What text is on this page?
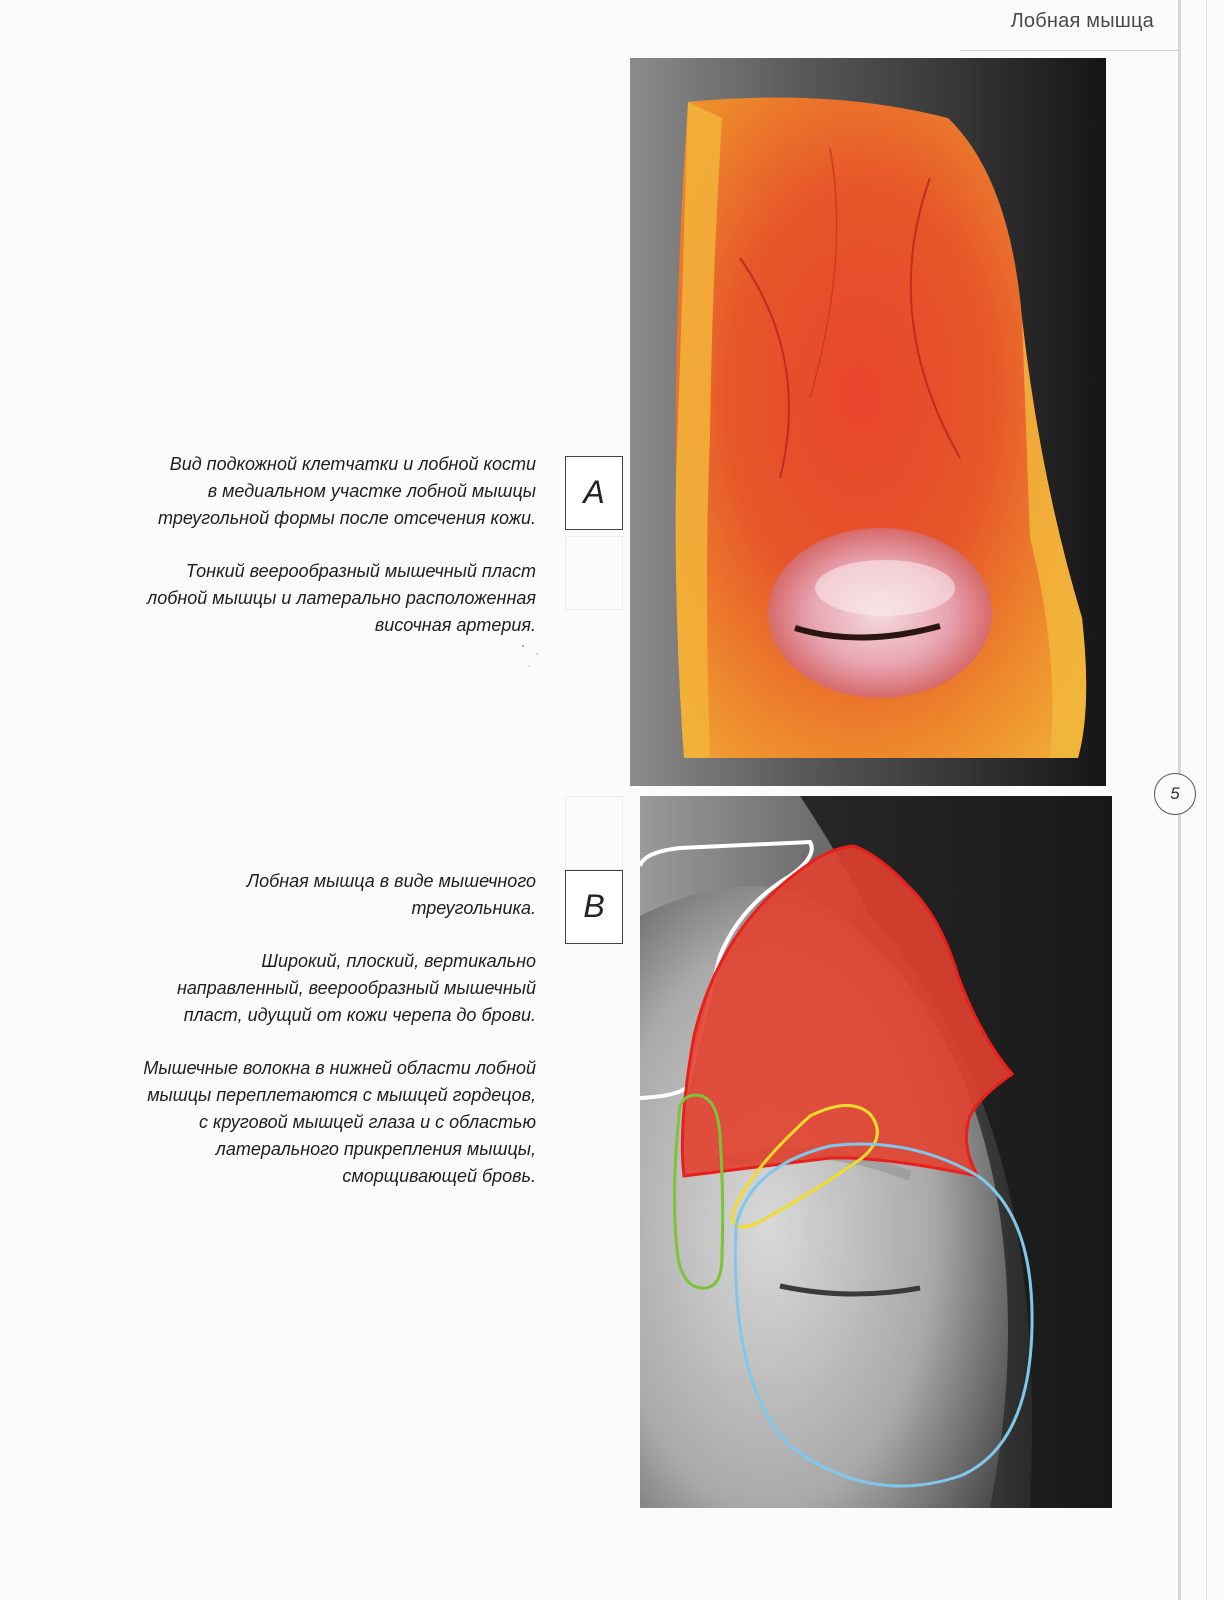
Лобная мышца
5

Вид подкожной клетчатки и лобной кости
в медиальном участке лобной мышцы
треугольной формы после отсечения кожи.

Тонкий веерообразный мышечный пласт
лобной мышцы и латерально расположенная
височная артерия.

A

Лобная мышца в виде мышечного
треугольника.

Широкий, плоский, вертикально
направленный, веерообразный мышечный
пласт, идущий от кожи черепа до брови.

Мышечные волокна в нижней области лобной
мышцы переплетаются с мышцей гордецов,
с круговой мышцей глаза и с областью
латерального прикрепления мышцы,
сморщивающей бровь.

B
